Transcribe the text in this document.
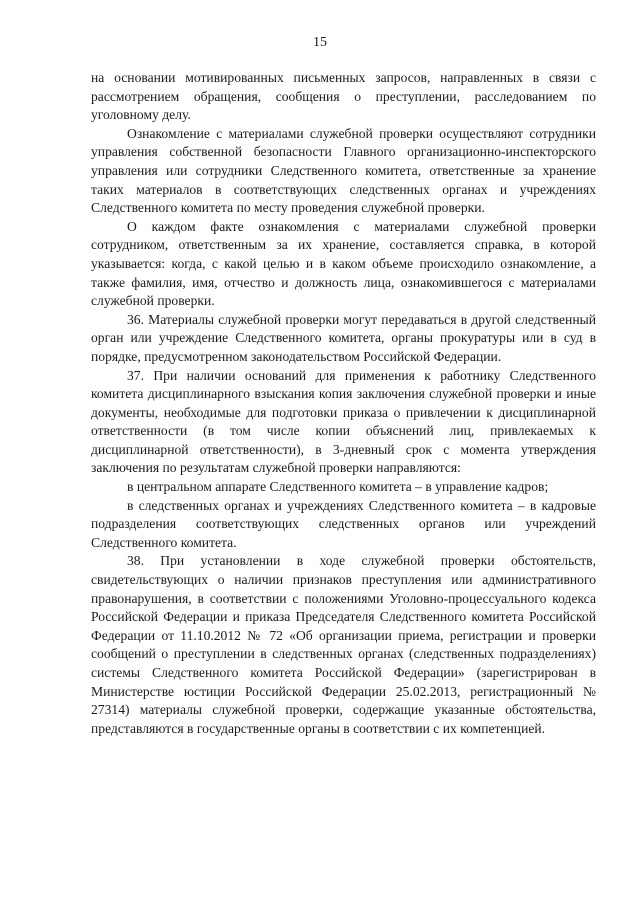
15

на основании мотивированных письменных запросов, направленных в связи с рассмотрением обращения, сообщения о преступлении, расследованием по уголовному делу.

Ознакомление с материалами служебной проверки осуществляют сотрудники управления собственной безопасности Главного организационно-инспекторского управления или сотрудники Следственного комитета, ответственные за хранение таких материалов в соответствующих следственных органах и учреждениях Следственного комитета по месту проведения служебной проверки.

О каждом факте ознакомления с материалами служебной проверки сотрудником, ответственным за их хранение, составляется справка, в которой указывается: когда, с какой целью и в каком объеме происходило ознакомление, а также фамилия, имя, отчество и должность лица, ознакомившегося с материалами служебной проверки.

36. Материалы служебной проверки могут передаваться в другой следственный орган или учреждение Следственного комитета, органы прокуратуры или в суд в порядке, предусмотренном законодательством Российской Федерации.

37. При наличии оснований для применения к работнику Следственного комитета дисциплинарного взыскания копия заключения служебной проверки и иные документы, необходимые для подготовки приказа о привлечении к дисциплинарной ответственности (в том числе копии объяснений лиц, привлекаемых к дисциплинарной ответственности), в 3-дневный срок с момента утверждения заключения по результатам служебной проверки направляются:

в центральном аппарате Следственного комитета – в управление кадров;

в следственных органах и учреждениях Следственного комитета – в кадровые подразделения соответствующих следственных органов или учреждений Следственного комитета.

38. При установлении в ходе служебной проверки обстоятельств, свидетельствующих о наличии признаков преступления или административного правонарушения, в соответствии с положениями Уголовно-процессуального кодекса Российской Федерации и приказа Председателя Следственного комитета Российской Федерации от 11.10.2012 № 72 «Об организации приема, регистрации и проверки сообщений о преступлении в следственных органах (следственных подразделениях) системы Следственного комитета Российской Федерации» (зарегистрирован в Министерстве юстиции Российской Федерации 25.02.2013, регистрационный № 27314) материалы служебной проверки, содержащие указанные обстоятельства, представляются в государственные органы в соответствии с их компетенцией.
